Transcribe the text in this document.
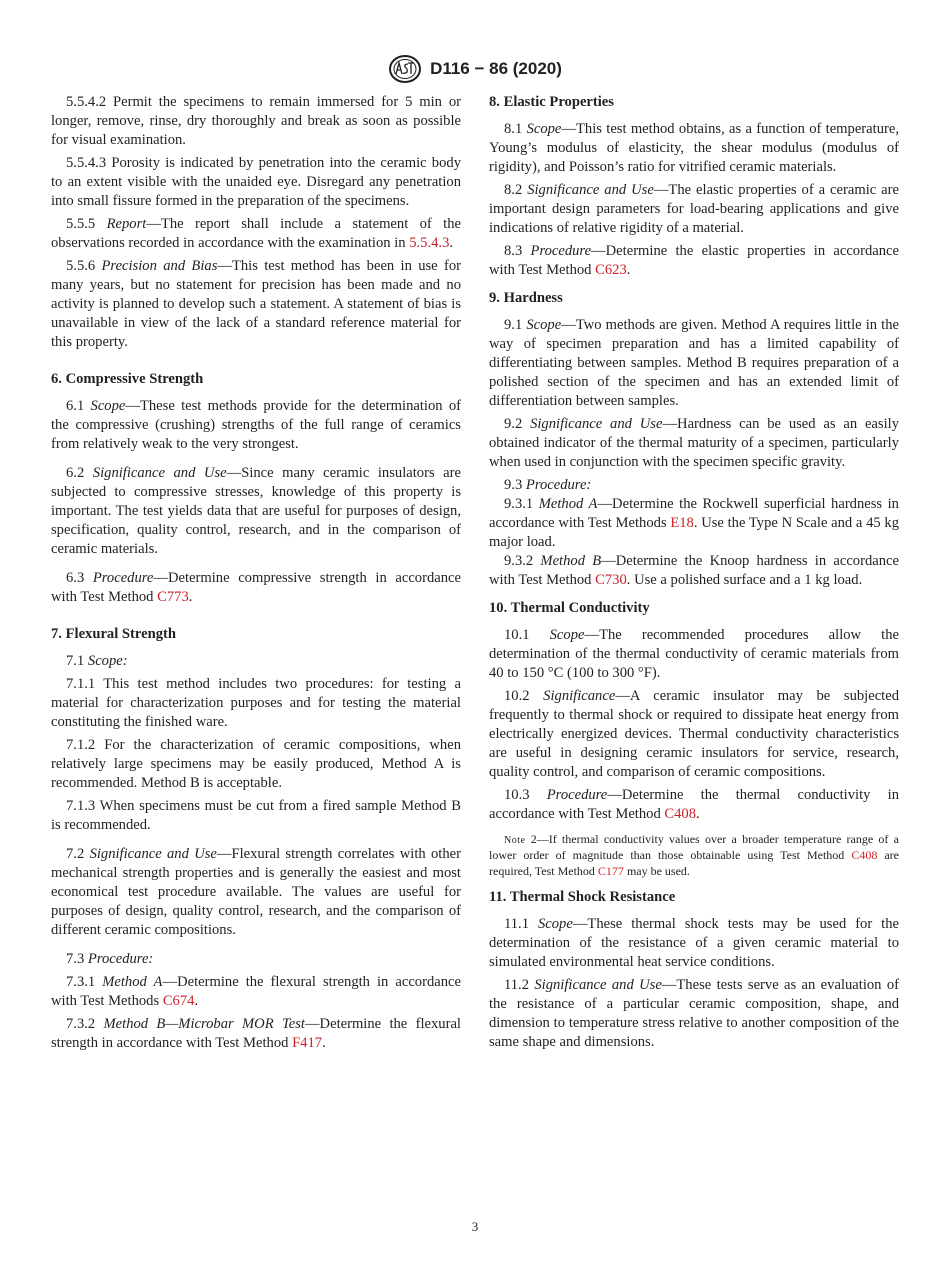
D116 − 86 (2020)

5.5.4.2 Permit the specimens to remain immersed for 5 min or longer, remove, rinse, dry thoroughly and break as soon as possible for visual examination.

5.5.4.3 Porosity is indicated by penetration into the ceramic body to an extent visible with the unaided eye. Disregard any penetration into small fissure formed in the preparation of the specimens.

5.5.5 Report—The report shall include a statement of the observations recorded in accordance with the examination in 5.5.4.3.

5.5.6 Precision and Bias—This test method has been in use for many years, but no statement for precision has been made and no activity is planned to develop such a statement. A statement of bias is unavailable in view of the lack of a standard reference material for this property.

6. Compressive Strength

6.1 Scope—These test methods provide for the determination of the compressive (crushing) strengths of the full range of ceramics from relatively weak to the very strongest.

6.2 Significance and Use—Since many ceramic insulators are subjected to compressive stresses, knowledge of this property is important. The test yields data that are useful for purposes of design, specification, quality control, research, and in the comparison of ceramic materials.

6.3 Procedure—Determine compressive strength in accordance with Test Method C773.

7. Flexural Strength

7.1 Scope:

7.1.1 This test method includes two procedures: for testing a material for characterization purposes and for testing the material constituting the finished ware.

7.1.2 For the characterization of ceramic compositions, when relatively large specimens may be easily produced, Method A is recommended. Method B is acceptable.

7.1.3 When specimens must be cut from a fired sample Method B is recommended.

7.2 Significance and Use—Flexural strength correlates with other mechanical strength properties and is generally the easiest and most economical test procedure available. The values are useful for purposes of design, quality control, research, and the comparison of different ceramic compositions.

7.3 Procedure:

7.3.1 Method A—Determine the flexural strength in accordance with Test Methods C674.

7.3.2 Method B—Microbar MOR Test—Determine the flexural strength in accordance with Test Method F417.

8. Elastic Properties

8.1 Scope—This test method obtains, as a function of temperature, Young’s modulus of elasticity, the shear modulus (modulus of rigidity), and Poisson’s ratio for vitrified ceramic materials.

8.2 Significance and Use—The elastic properties of a ceramic are important design parameters for load-bearing applications and give indications of relative rigidity of a material.

8.3 Procedure—Determine the elastic properties in accordance with Test Method C623.

9. Hardness

9.1 Scope—Two methods are given. Method A requires little in the way of specimen preparation and has a limited capability of differentiating between samples. Method B requires preparation of a polished section of the specimen and has an extended limit of differentiation between samples.

9.2 Significance and Use—Hardness can be used as an easily obtained indicator of the thermal maturity of a specimen, particularly when used in conjunction with the specimen specific gravity.

9.3 Procedure:

9.3.1 Method A—Determine the Rockwell superficial hardness in accordance with Test Methods E18. Use the Type N Scale and a 45 kg major load.

9.3.2 Method B—Determine the Knoop hardness in accordance with Test Method C730. Use a polished surface and a 1 kg load.

10. Thermal Conductivity

10.1 Scope—The recommended procedures allow the determination of the thermal conductivity of ceramic materials from 40 to 150 °C (100 to 300 °F).

10.2 Significance—A ceramic insulator may be subjected frequently to thermal shock or required to dissipate heat energy from electrically energized devices. Thermal conductivity characteristics are useful in designing ceramic insulators for service, research, quality control, and comparison of ceramic compositions.

10.3 Procedure—Determine the thermal conductivity in accordance with Test Method C408.

Note 2—If thermal conductivity values over a broader temperature range of a lower order of magnitude than those obtainable using Test Method C408 are required, Test Method C177 may be used.

11. Thermal Shock Resistance

11.1 Scope—These thermal shock tests may be used for the determination of the resistance of a given ceramic material to simulated environmental heat service conditions.

11.2 Significance and Use—These tests serve as an evaluation of the resistance of a particular ceramic composition, shape, and dimension to temperature stress relative to another composition of the same shape and dimensions.

3
